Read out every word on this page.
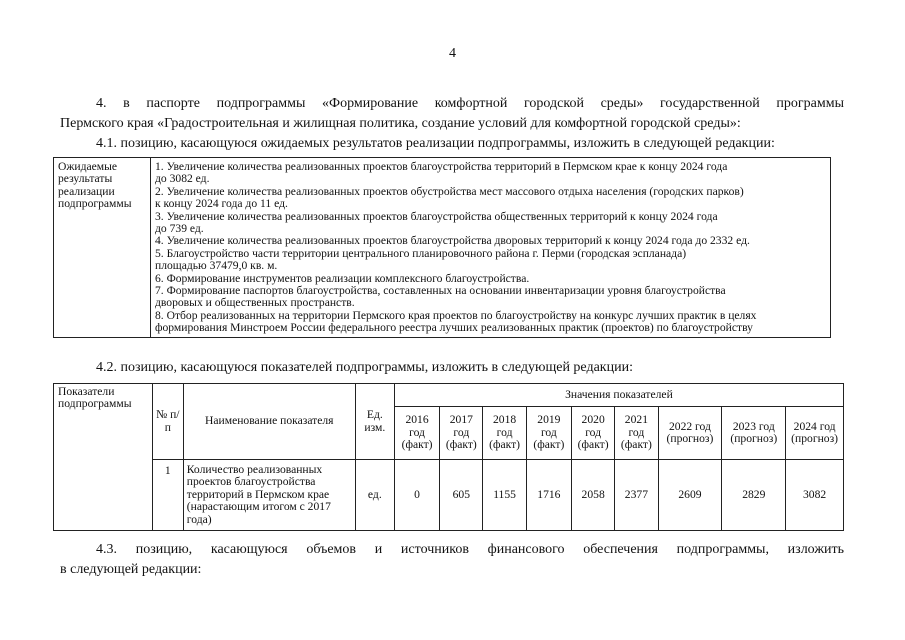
4

4. в паспорте подпрограммы «Формирование комфортной городской среды» государственной программы
Пермского края «Градостроительная и жилищная политика, создание условий для комфортной городской среды»:

4.1. позицию, касающуюся ожидаемых результатов реализации подпрограммы, изложить в следующей редакции:

Ожидаемые результаты реализации подпрограммы	
1. Увеличение количества реализованных проектов благоустройства территорий в Пермском крае к концу 2024 года
до 3082 ед.
2. Увеличение количества реализованных проектов обустройства мест массового отдыха населения (городских парков)
к концу 2024 года до 11 ед.
3. Увеличение количества реализованных проектов благоустройства общественных территорий к концу 2024 года
до 739 ед.
4. Увеличение количества реализованных проектов благоустройства дворовых территорий к концу 2024 года до 2332 ед.
5. Благоустройство части территории центрального планировочного района г. Перми (городская эспланада)
площадью 37479,0 кв. м.
6. Формирование инструментов реализации комплексного благоустройства.
7. Формирование паспортов благоустройства, составленных на основании инвентаризации уровня благоустройства
дворовых и общественных пространств.
8. Отбор реализованных на территории Пермского края проектов по благоустройству на конкурс лучших практик в целях
формирования Минстроем России федерального реестра лучших реализованных практик (проектов) по благоустройству

4.2. позицию, касающуюся показателей подпрограммы, изложить в следующей редакции:

Показатели подпрограммы	№ п/п	Наименование показателя	Ед. изм.	Значения показателей								
				2016 год (факт)	2017 год (факт)	2018 год (факт)	2019 год (факт)	2020 год (факт)	2021 год (факт)	2022 год (прогноз)	2023 год (прогноз)	2024 год (прогноз)
	1	Количество реализованных проектов благоустройства территорий в Пермском крае (нарастающим итогом с 2017 года)	ед.	0	605	1155	1716	2058	2377	2609	2829	3082

4.3. позицию, касающуюся объемов и источников финансового обеспечения подпрограммы, изложить
в следующей редакции:
